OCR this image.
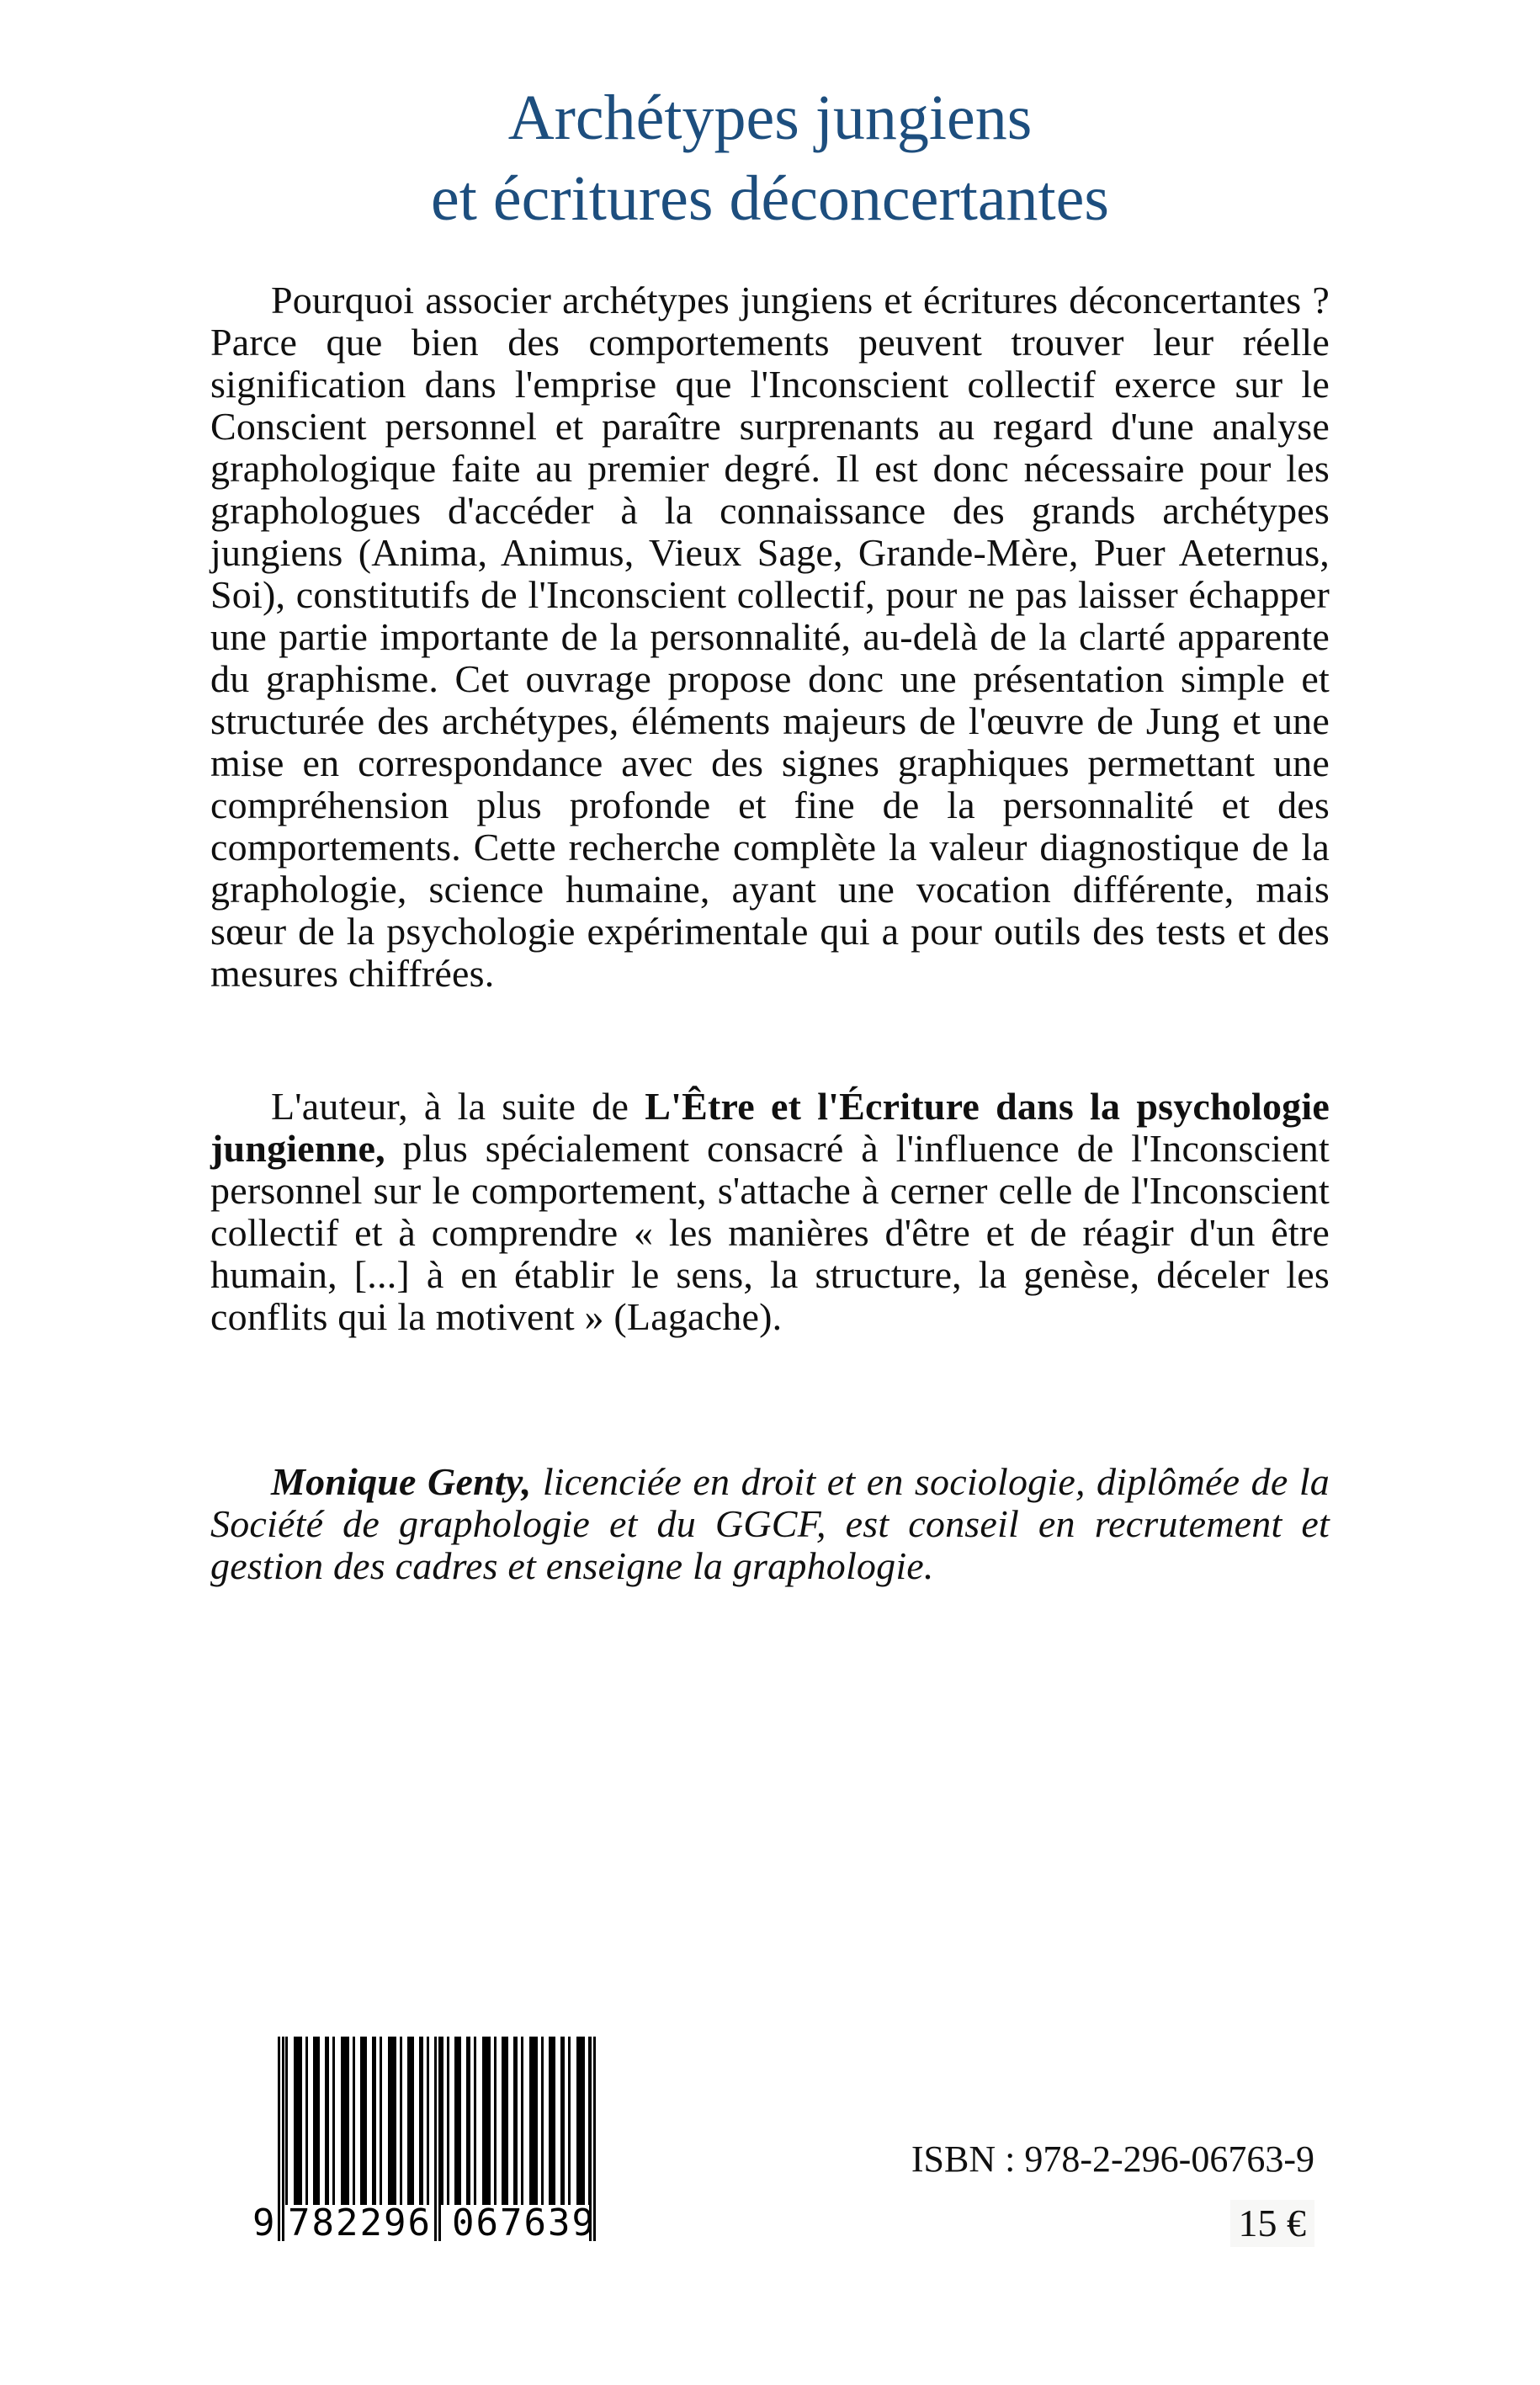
Archétypes jungiens
et écritures déconcertantes

Pourquoi associer archétypes jungiens et écritures déconcertantes ? Parce que bien des comportements peuvent trouver leur réelle signification dans l'emprise que l'Inconscient collectif exerce sur le Conscient personnel et paraître surprenants au regard d'une analyse graphologique faite au premier degré. Il est donc nécessaire pour les graphologues d'accéder à la connaissance des grands archétypes jungiens (Anima, Animus, Vieux Sage, Grande-Mère, Puer Aeternus, Soi), constitutifs de l'Inconscient collectif, pour ne pas laisser échapper une partie importante de la personnalité, au-delà de la clarté apparente du graphisme. Cet ouvrage propose donc une présentation simple et structurée des archétypes, éléments majeurs de l'œuvre de Jung et une mise en correspondance avec des signes graphiques permettant une compréhension plus profonde et fine de la personnalité et des comportements. Cette recherche complète la valeur diagnostique de la graphologie, science humaine, ayant une vocation différente, mais sœur de la psychologie expérimentale qui a pour outils des tests et des mesures chiffrées.

L'auteur, à la suite de L'Être et l'Écriture dans la psychologie jungienne, plus spécialement consacré à l'influence de l'Inconscient personnel sur le comportement, s'attache à cerner celle de l'Inconscient collectif et à comprendre « les manières d'être et de réagir d'un être humain, [...] à en établir le sens, la structure, la genèse, déceler les conflits qui la motivent » (Lagache).

Monique Genty, licenciée en droit et en sociologie, diplômée de la Société de graphologie et du GGCF, est conseil en recrutement et gestion des cadres et enseigne la graphologie.

9 782296 067639
ISBN : 978-2-296-06763-9
15 €
